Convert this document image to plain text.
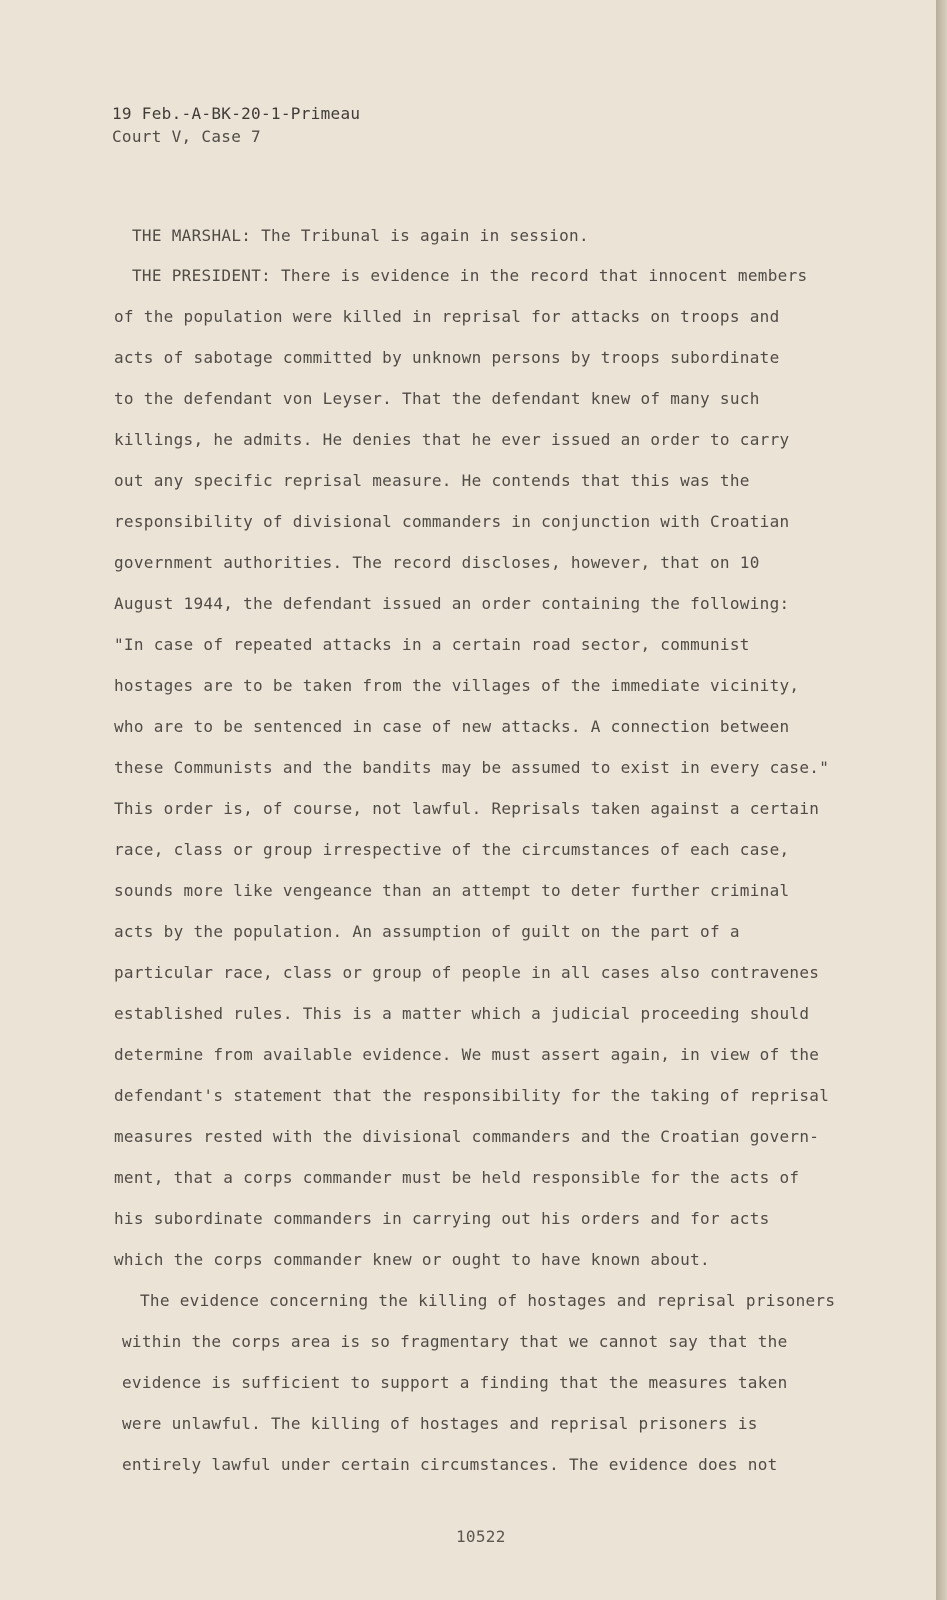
19 Feb.-A-BK-20-1-Primeau
Court V, Case 7
THE MARSHAL: The Tribunal is again in session.
THE PRESIDENT: There is evidence in the record that innocent members
of the population were killed in reprisal for attacks on troops and
acts of sabotage committed by unknown persons by troops subordinate
to the defendant von Leyser. That the defendant knew of many such
killings, he admits. He denies that he ever issued an order to carry
out any specific reprisal measure. He contends that this was the
responsibility of divisional commanders in conjunction with Croatian
government authorities. The record discloses, however, that on 10
August 1944, the defendant issued an order containing the following:
"In case of repeated attacks in a certain road sector, communist
hostages are to be taken from the villages of the immediate vicinity,
who are to be sentenced in case of new attacks. A connection between
these Communists and the bandits may be assumed to exist in every case."
This order is, of course, not lawful. Reprisals taken against a certain
race, class or group irrespective of the circumstances of each case,
sounds more like vengeance than an attempt to deter further criminal
acts by the population. An assumption of guilt on the part of a
particular race, class or group of people in all cases also contravenes
established rules. This is a matter which a judicial proceeding should
determine from available evidence. We must assert again, in view of the
defendant's statement that the responsibility for the taking of reprisal
measures rested with the divisional commanders and the Croatian govern-
ment, that a corps commander must be held responsible for the acts of
his subordinate commanders in carrying out his orders and for acts
which the corps commander knew or ought to have known about.
The evidence concerning the killing of hostages and reprisal prisoners
within the corps area is so fragmentary that we cannot say that the
evidence is sufficient to support a finding that the measures taken
were unlawful. The killing of hostages and reprisal prisoners is
entirely lawful under certain circumstances. The evidence does not
10522
